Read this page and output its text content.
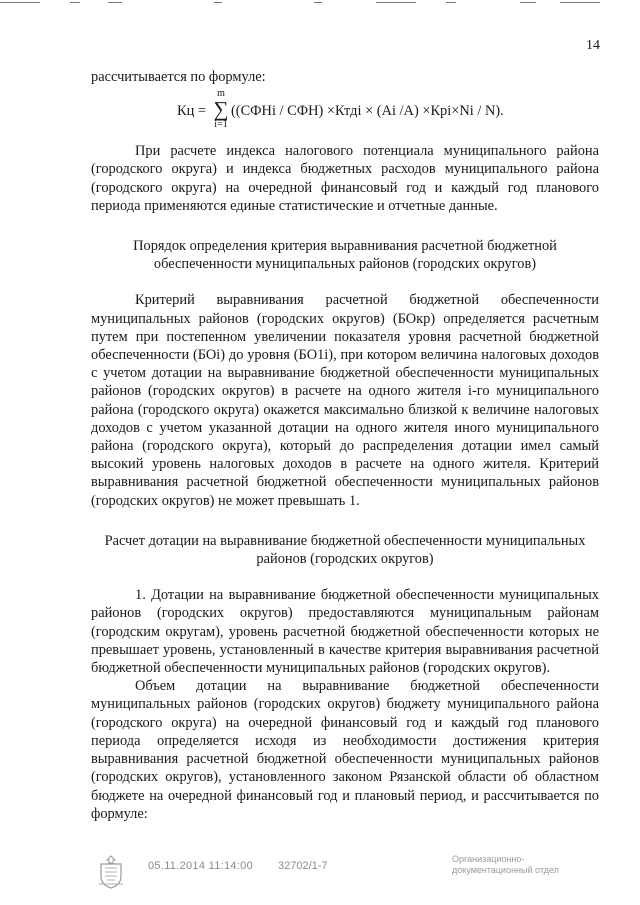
14

рассчитывается по формуле:

Кц =
m
∑
i=1
((СФНi / СФН) ×Ктдi × (Ai /A) ×Крi×Ni / N).

При расчете индекса налогового потенциала муниципального района (городского округа) и индекса бюджетных расходов муниципального района (городского округа) на очередной финансовый год и каждый год планового периода применяются единые статистические и отчетные данные.

Порядок определения критерия выравнивания расчетной бюджетной обеспеченности муниципальных районов (городских округов)

Критерий выравнивания расчетной бюджетной обеспеченности муниципальных районов (городских округов) (БОкр) определяется расчетным путем при постепенном увеличении показателя уровня расчетной бюджетной обеспеченности (БОi) до уровня (БО1i), при котором величина налоговых доходов с учетом дотации на выравнивание бюджетной обеспеченности муниципальных районов (городских округов) в расчете на одного жителя i-го муниципального района (городского округа) окажется максимально близкой к величине налоговых доходов с учетом указанной дотации на одного жителя иного муниципального района (городского округа), который до распределения дотации имел самый высокий уровень налоговых доходов в расчете на одного жителя. Критерий выравнивания расчетной бюджетной обеспеченности муниципальных районов (городских округов) не может превышать 1.

Расчет дотации на выравнивание бюджетной обеспеченности муниципальных районов (городских округов)

1. Дотации на выравнивание бюджетной обеспеченности муниципальных районов (городских округов) предоставляются муниципальным районам (городским округам), уровень расчетной бюджетной обеспеченности которых не превышает уровень, установленный в качестве критерия выравнивания расчетной бюджетной обеспеченности муниципальных районов (городских округов).

Объем дотации на выравнивание бюджетной обеспеченности муниципальных районов (городских округов) бюджету муниципального района (городского округа) на очередной финансовый год и каждый год планового периода определяется исходя из необходимости достижения критерия выравнивания расчетной бюджетной обеспеченности муниципальных районов (городских округов), установленного законом Рязанской области об областном бюджете на очередной финансовый год и плановый период, и рассчитывается по формуле:

05.11.2014 11:14:00 32702/1-7
Организационно-
документационный отдел
